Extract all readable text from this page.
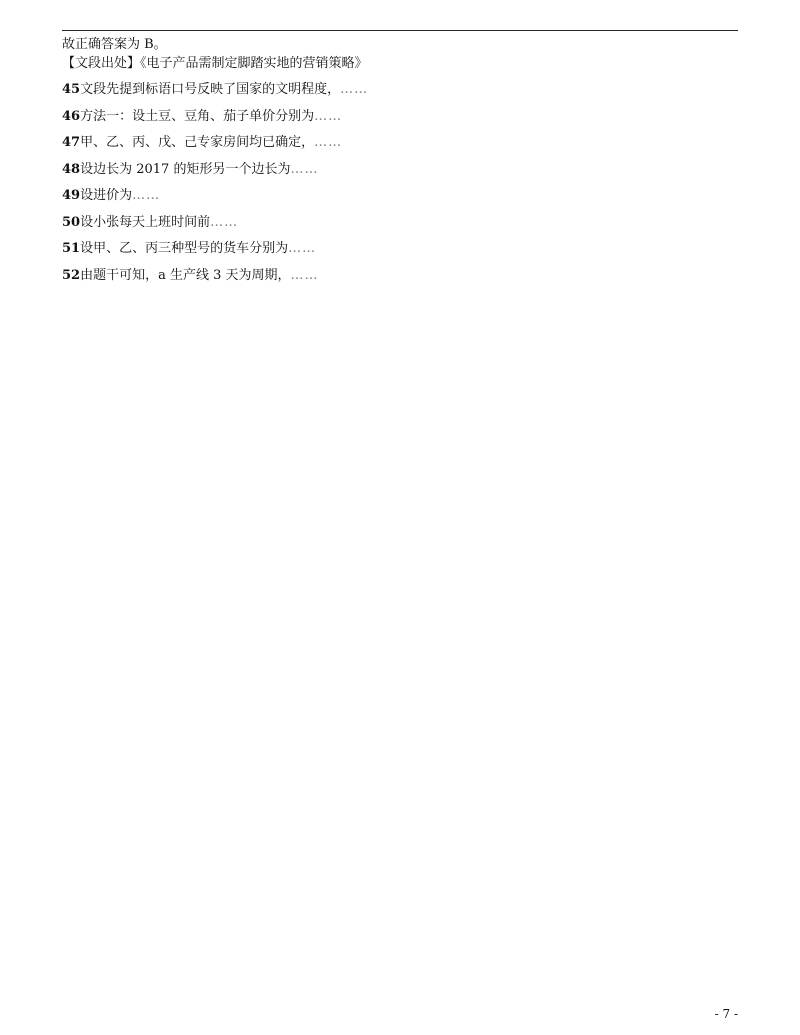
故正确答案为 B。
【文段出处】《电子产品需制定脚踏实地的营销策略》
45文段先提到标语口号反映了国家的文明程度，……
46方法一：设土豆、豆角、茄子单价分别为……
47甲、乙、丙、戊、己专家房间均已确定，……
48设边长为 2017 的矩形另一个边长为……
49设进价为……
50设小张每天上班时间前……
51设甲、乙、丙三种型号的货车分别为……
52由题干可知，a 生产线 3 天为周期，……
- 7 -
